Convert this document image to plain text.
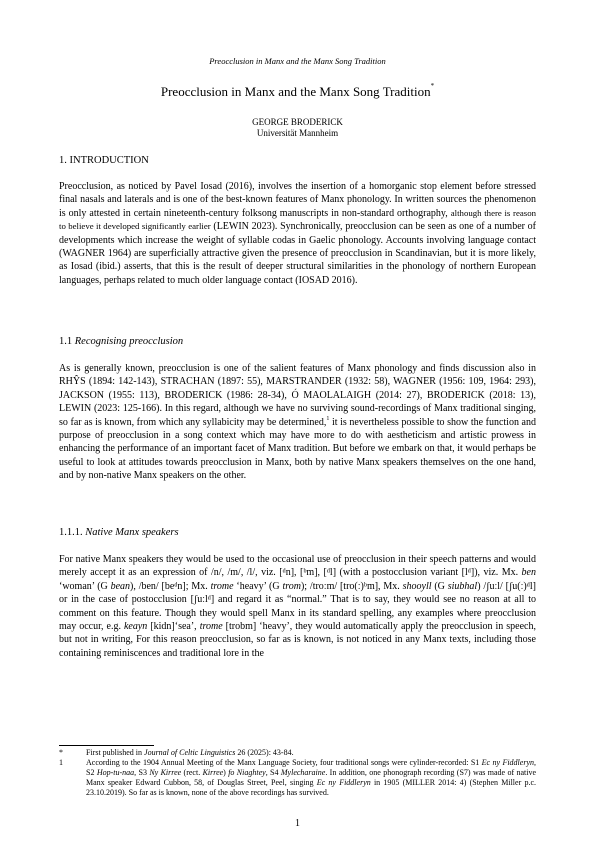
Preocclusion in Manx and the Manx Song Tradition
Preocclusion in Manx and the Manx Song Tradition*
GEORGE BRODERICK
Universität Mannheim
1. INTRODUCTION
Preocclusion, as noticed by Pavel Iosad (2016), involves the insertion of a homorganic stop element before stressed final nasals and laterals and is one of the best-known features of Manx phonology. In written sources the phenomenon is only attested in certain nineteenth-century folksong manuscripts in non-standard orthography, although there is reason to believe it developed significantly earlier (LEWIN 2023). Synchronically, preocclusion can be seen as one of a number of developments which increase the weight of syllable codas in Gaelic phonology. Accounts involving language contact (WAGNER 1964) are superficially attractive given the presence of preocclusion in Scandinavian, but it is more likely, as Iosad (ibid.) asserts, that this is the result of deeper structural similarities in the phonology of northern European languages, perhaps related to much older language contact (IOSAD 2016).
1.1 Recognising preocclusion
As is generally known, preocclusion is one of the salient features of Manx phonology and finds discussion also in RHŶS (1894: 142-143), STRACHAN (1897: 55), MARSTRANDER (1932: 58), WAGNER (1956: 109, 1964: 293), JACKSON (1955: 113), BRODERICK (1986: 28-34), Ó MAOLALAIGH (2014: 27), BRODERICK (2018: 13), LEWIN (2023: 125-166). In this regard, although we have no surviving sound-recordings of Manx traditional singing, so far as is known, from which any syllabicity may be determined,$^1$ it is nevertheless possible to show the function and purpose of preocclusion in a song context which may have more to do with aestheticism and artistic prowess in enhancing the performance of an important facet of Manx tradition. But before we embark on that, it would perhaps be useful to look at attitudes towards preocclusion in Manx, both by native Manx speakers themselves on the one hand, and by non-native Manx speakers on the other.
1.1.1. Native Manx speakers
For native Manx speakers they would be used to the occasional use of preocclusion in their speech patterns and would merely accept it as an expression of /n/, /m/, /l/, viz. [ᵈn], [ᵇm], [ᵈl] (with a postocclusion variant [lᵈ]), viz. Mx. ben ‘woman’ (G bean), /ben/ [beᵈn]; Mx. trome ‘heavy’ (G trom); /troːm/ [tro(ː)ᵇm], Mx. shooyll (G siubhal) /ʃuːl/ [ʃu(ː)ᵈl] or in the case of postocclusion [ʃuːlᵈ] and regard it as “normal.” That is to say, they would see no reason at all to comment on this feature. Though they would spell Manx in its standard spelling, any examples where preocclusion may occur, e.g. keayn [kidn]‘sea’, trome [trobm] ‘heavy’, they would automatically apply the preocclusion in speech, but not in writing, For this reason preocclusion, so far as is known, is not noticed in any Manx texts, including those containing reminiscences and traditional lore in the
*	First published in Journal of Celtic Linguistics 26 (2025): 43-84.
1	According to the 1904 Annual Meeting of the Manx Language Society, four traditional songs were cylinder-recorded: S1 Ec ny Fiddleryn, S2 Hop-tu-naa, S3 Ny Kirree (rect. Kirree) fo Niaghtey, S4 Mylecharaine. In addition, one phonograph recording (S7) was made of native Manx speaker Edward Cubbon, 58, of Douglas Street, Peel, singing Ec ny Fiddleryn in 1905 (MILLER 2014: 4) (Stephen Miller p.c. 23.10.2019). So far as is known, none of the above recordings has survived.
1
